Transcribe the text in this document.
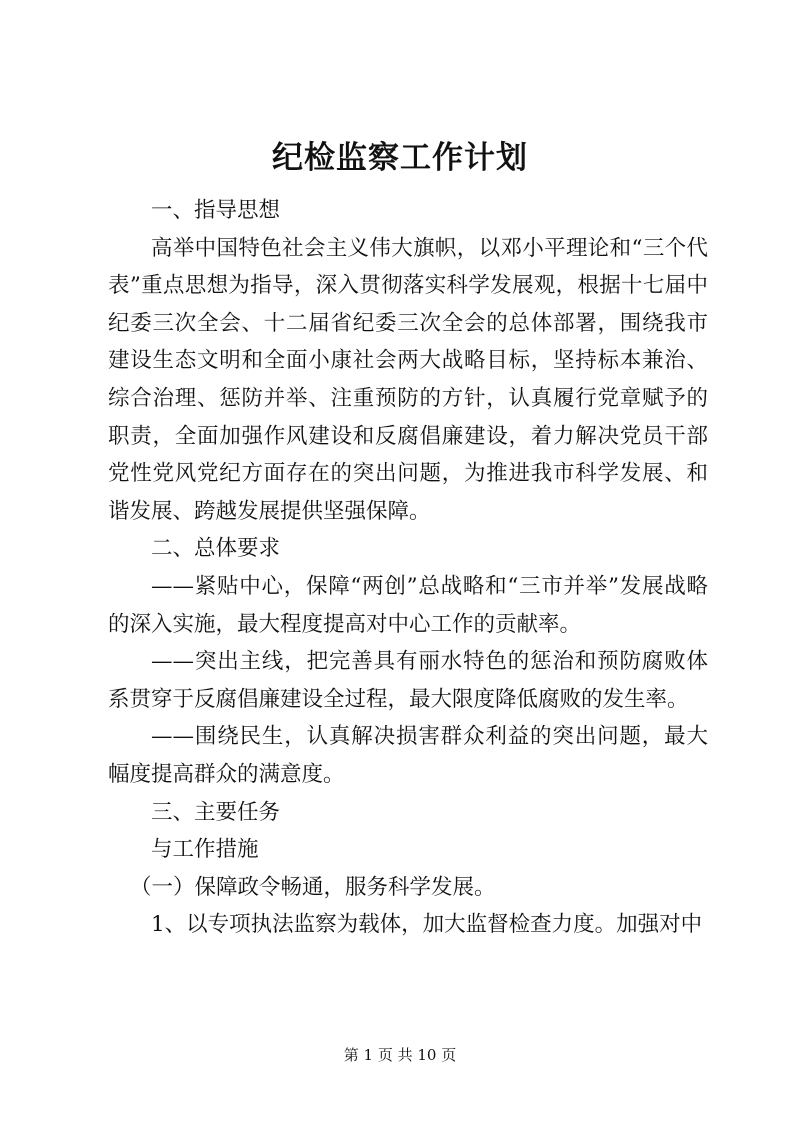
纪检监察工作计划

一、指导思想

高举中国特色社会主义伟大旗帜，以邓小平理论和“三个代表”重点思想为指导，深入贯彻落实科学发展观，根据十七届中纪委三次全会、十二届省纪委三次全会的总体部署，围绕我市建设生态文明和全面小康社会两大战略目标，坚持标本兼治、综合治理、惩防并举、注重预防的方针，认真履行党章赋予的职责，全面加强作风建设和反腐倡廉建设，着力解决党员干部党性党风党纪方面存在的突出问题，为推进我市科学发展、和谐发展、跨越发展提供坚强保障。

二、总体要求

——紧贴中心，保障“两创”总战略和“三市并举”发展战略的深入实施，最大程度提高对中心工作的贡献率。

——突出主线，把完善具有丽水特色的惩治和预防腐败体系贯穿于反腐倡廉建设全过程，最大限度降低腐败的发生率。

——围绕民生，认真解决损害群众利益的突出问题，最大幅度提高群众的满意度。

三、主要任务

与工作措施

（一）保障政令畅通，服务科学发展。

1、以专项执法监察为载体，加大监督检查力度。加强对中

第 1 页 共 10 页
